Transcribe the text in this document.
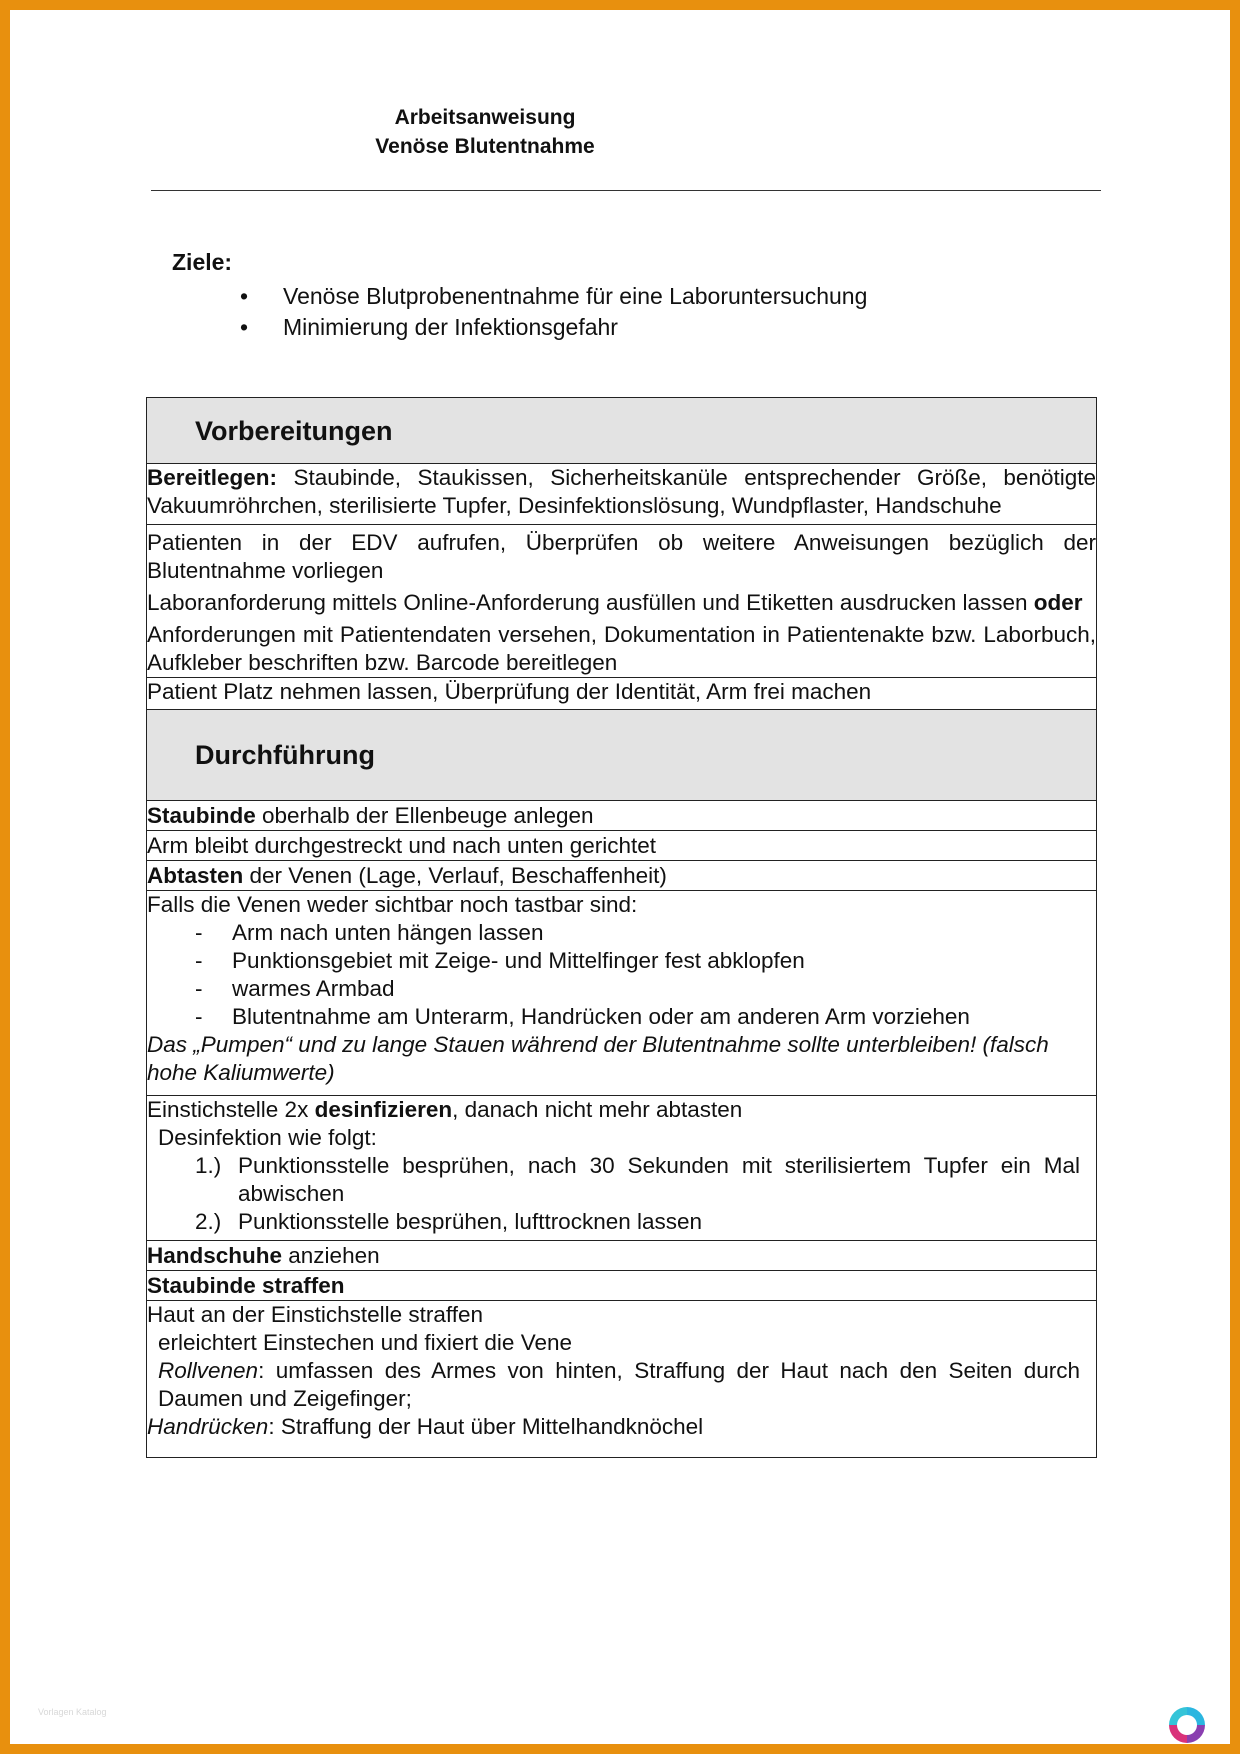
Arbeitsanweisung
Venöse Blutentnahme
Ziele:
• Venöse Blutprobenentnahme für eine Laboruntersuchung
• Minimierung der Infektionsgefahr
Vorbereitungen
Bereitlegen: Staubinde, Staukissen, Sicherheitskanüle entsprechender Größe, benötigte Vakuumröhrchen, sterilisierte Tupfer, Desinfektionslösung, Wundpflaster, Handschuhe

Patienten in der EDV aufrufen, Überprüfen ob weitere Anweisungen bezüglich der Blutentnahme vorliegen
Laboranforderung mittels Online-Anforderung ausfüllen und Etiketten ausdrucken lassen oder
Anforderungen mit Patientendaten versehen, Dokumentation in Patientenakte bzw. Laborbuch, Aufkleber beschriften bzw. Barcode bereitlegen

Patient Platz nehmen lassen, Überprüfung der Identität, Arm frei machen
Durchführung
Staubinde oberhalb der Ellenbeuge anlegen
Arm bleibt durchgestreckt und nach unten gerichtet
Abtasten der Venen (Lage, Verlauf, Beschaffenheit)

Falls die Venen weder sichtbar noch tastbar sind:
- Arm nach unten hängen lassen
- Punktionsgebiet mit Zeige- und Mittelfinger fest abklopfen
- warmes Armbad
- Blutentnahme am Unterarm, Handrücken oder am anderen Arm vorziehen
Das „Pumpen“ und zu lange Stauen während der Blutentnahme sollte unterbleiben! (falsch hohe Kaliumwerte)

Einstichstelle 2x desinfizieren, danach nicht mehr abtasten
Desinfektion wie folgt:
1.) Punktionsstelle besprühen, nach 30 Sekunden mit sterilisiertem Tupfer ein Mal abwischen
2.) Punktionsstelle besprühen, lufttrocknen lassen

Handschuhe anziehen
Staubinde straffen

Haut an der Einstichstelle straffen
erleichtert Einstechen und fixiert die Vene
Rollvenen: umfassen des Armes von hinten, Straffung der Haut nach den Seiten durch Daumen und Zeigefinger;
Handrücken: Straffung der Haut über Mittelhandknöchel
Vorlagen Katalog
